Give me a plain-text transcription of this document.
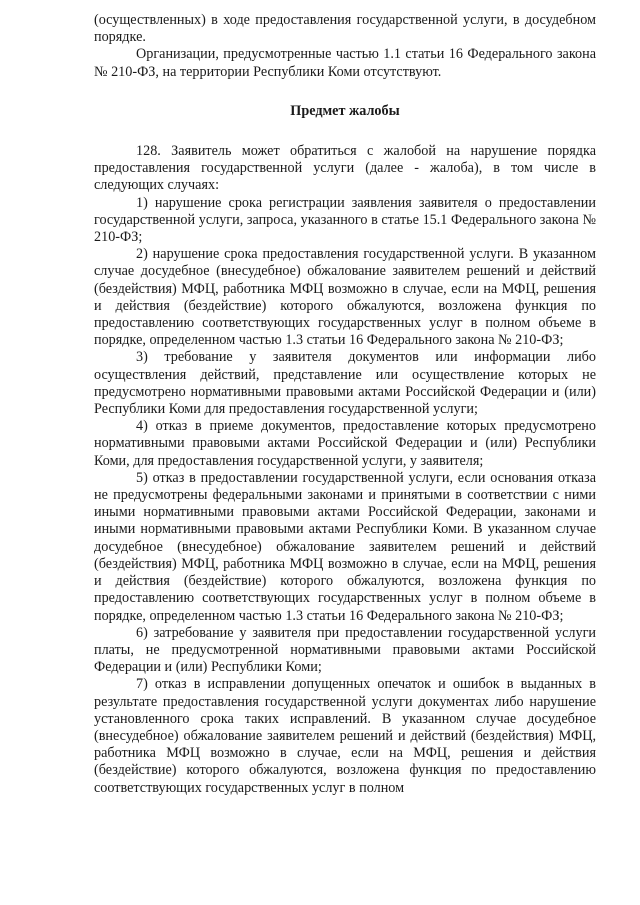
(осуществленных) в ходе предоставления государственной услуги, в досудебном порядке.

Организации, предусмотренные частью 1.1 статьи 16 Федерального закона № 210-ФЗ, на территории Республики Коми отсутствуют.

Предмет жалобы

128. Заявитель может обратиться с жалобой на нарушение порядка предоставления государственной услуги (далее - жалоба), в том числе в следующих случаях:

1) нарушение срока регистрации заявления заявителя о предоставлении государственной услуги, запроса, указанного в статье 15.1 Федерального закона № 210-ФЗ;

2) нарушение срока предоставления государственной услуги. В указанном случае досудебное (внесудебное) обжалование заявителем решений и действий (бездействия) МФЦ, работника МФЦ возможно в случае, если на МФЦ, решения и действия (бездействие) которого обжалуются, возложена функция по предоставлению соответствующих государственных услуг в полном объеме в порядке, определенном частью 1.3 статьи 16 Федерального закона № 210-ФЗ;

3) требование у заявителя документов или информации либо осуществления действий, представление или осуществление которых не предусмотрено нормативными правовыми актами Российской Федерации и (или) Республики Коми для предоставления государственной услуги;

4) отказ в приеме документов, предоставление которых предусмотрено нормативными правовыми актами Российской Федерации и (или) Республики Коми, для предоставления государственной услуги, у заявителя;

5) отказ в предоставлении государственной услуги, если основания отказа не предусмотрены федеральными законами и принятыми в соответствии с ними иными нормативными правовыми актами Российской Федерации, законами и иными нормативными правовыми актами Республики Коми. В указанном случае досудебное (внесудебное) обжалование заявителем решений и действий (бездействия) МФЦ, работника МФЦ возможно в случае, если на МФЦ, решения и действия (бездействие) которого обжалуются, возложена функция по предоставлению соответствующих государственных услуг в полном объеме в порядке, определенном частью 1.3 статьи 16 Федерального закона № 210-ФЗ;

6) затребование у заявителя при предоставлении государственной услуги платы, не предусмотренной нормативными правовыми актами Российской Федерации и (или) Республики Коми;

7) отказ в исправлении допущенных опечаток и ошибок в выданных в результате предоставления государственной услуги документах либо нарушение установленного срока таких исправлений. В указанном случае досудебное (внесудебное) обжалование заявителем решений и действий (бездействия) МФЦ, работника МФЦ возможно в случае, если на МФЦ, решения и действия (бездействие) которого обжалуются, возложена функция по предоставлению соответствующих государственных услуг в полном
